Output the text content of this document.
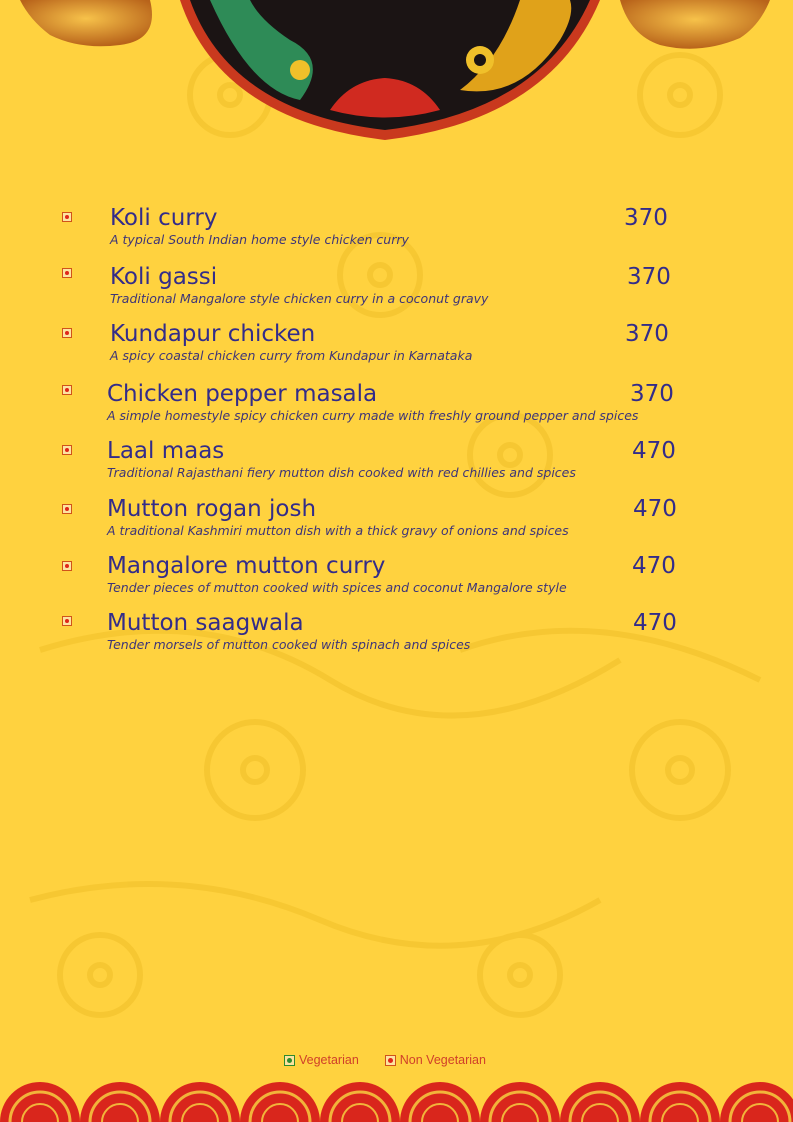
Koli curry
A typical South Indian home style chicken curry
370
Koli gassi
Traditional Mangalore style chicken curry in a coconut gravy
370
Kundapur chicken
A spicy coastal chicken curry from Kundapur in Karnataka
370
Chicken pepper masala
A simple homestyle spicy chicken curry made with freshly ground pepper and spices
370
Laal maas
Traditional Rajasthani fiery mutton dish cooked with red chillies and spices
470
Mutton rogan josh
A traditional Kashmiri mutton dish with a thick gravy of onions and spices
470
Mangalore mutton curry
Tender pieces of mutton cooked with spices and coconut Mangalore style
470
Mutton saagwala
Tender morsels of mutton cooked with spinach and spices
470
Vegetarian	Non Vegetarian
